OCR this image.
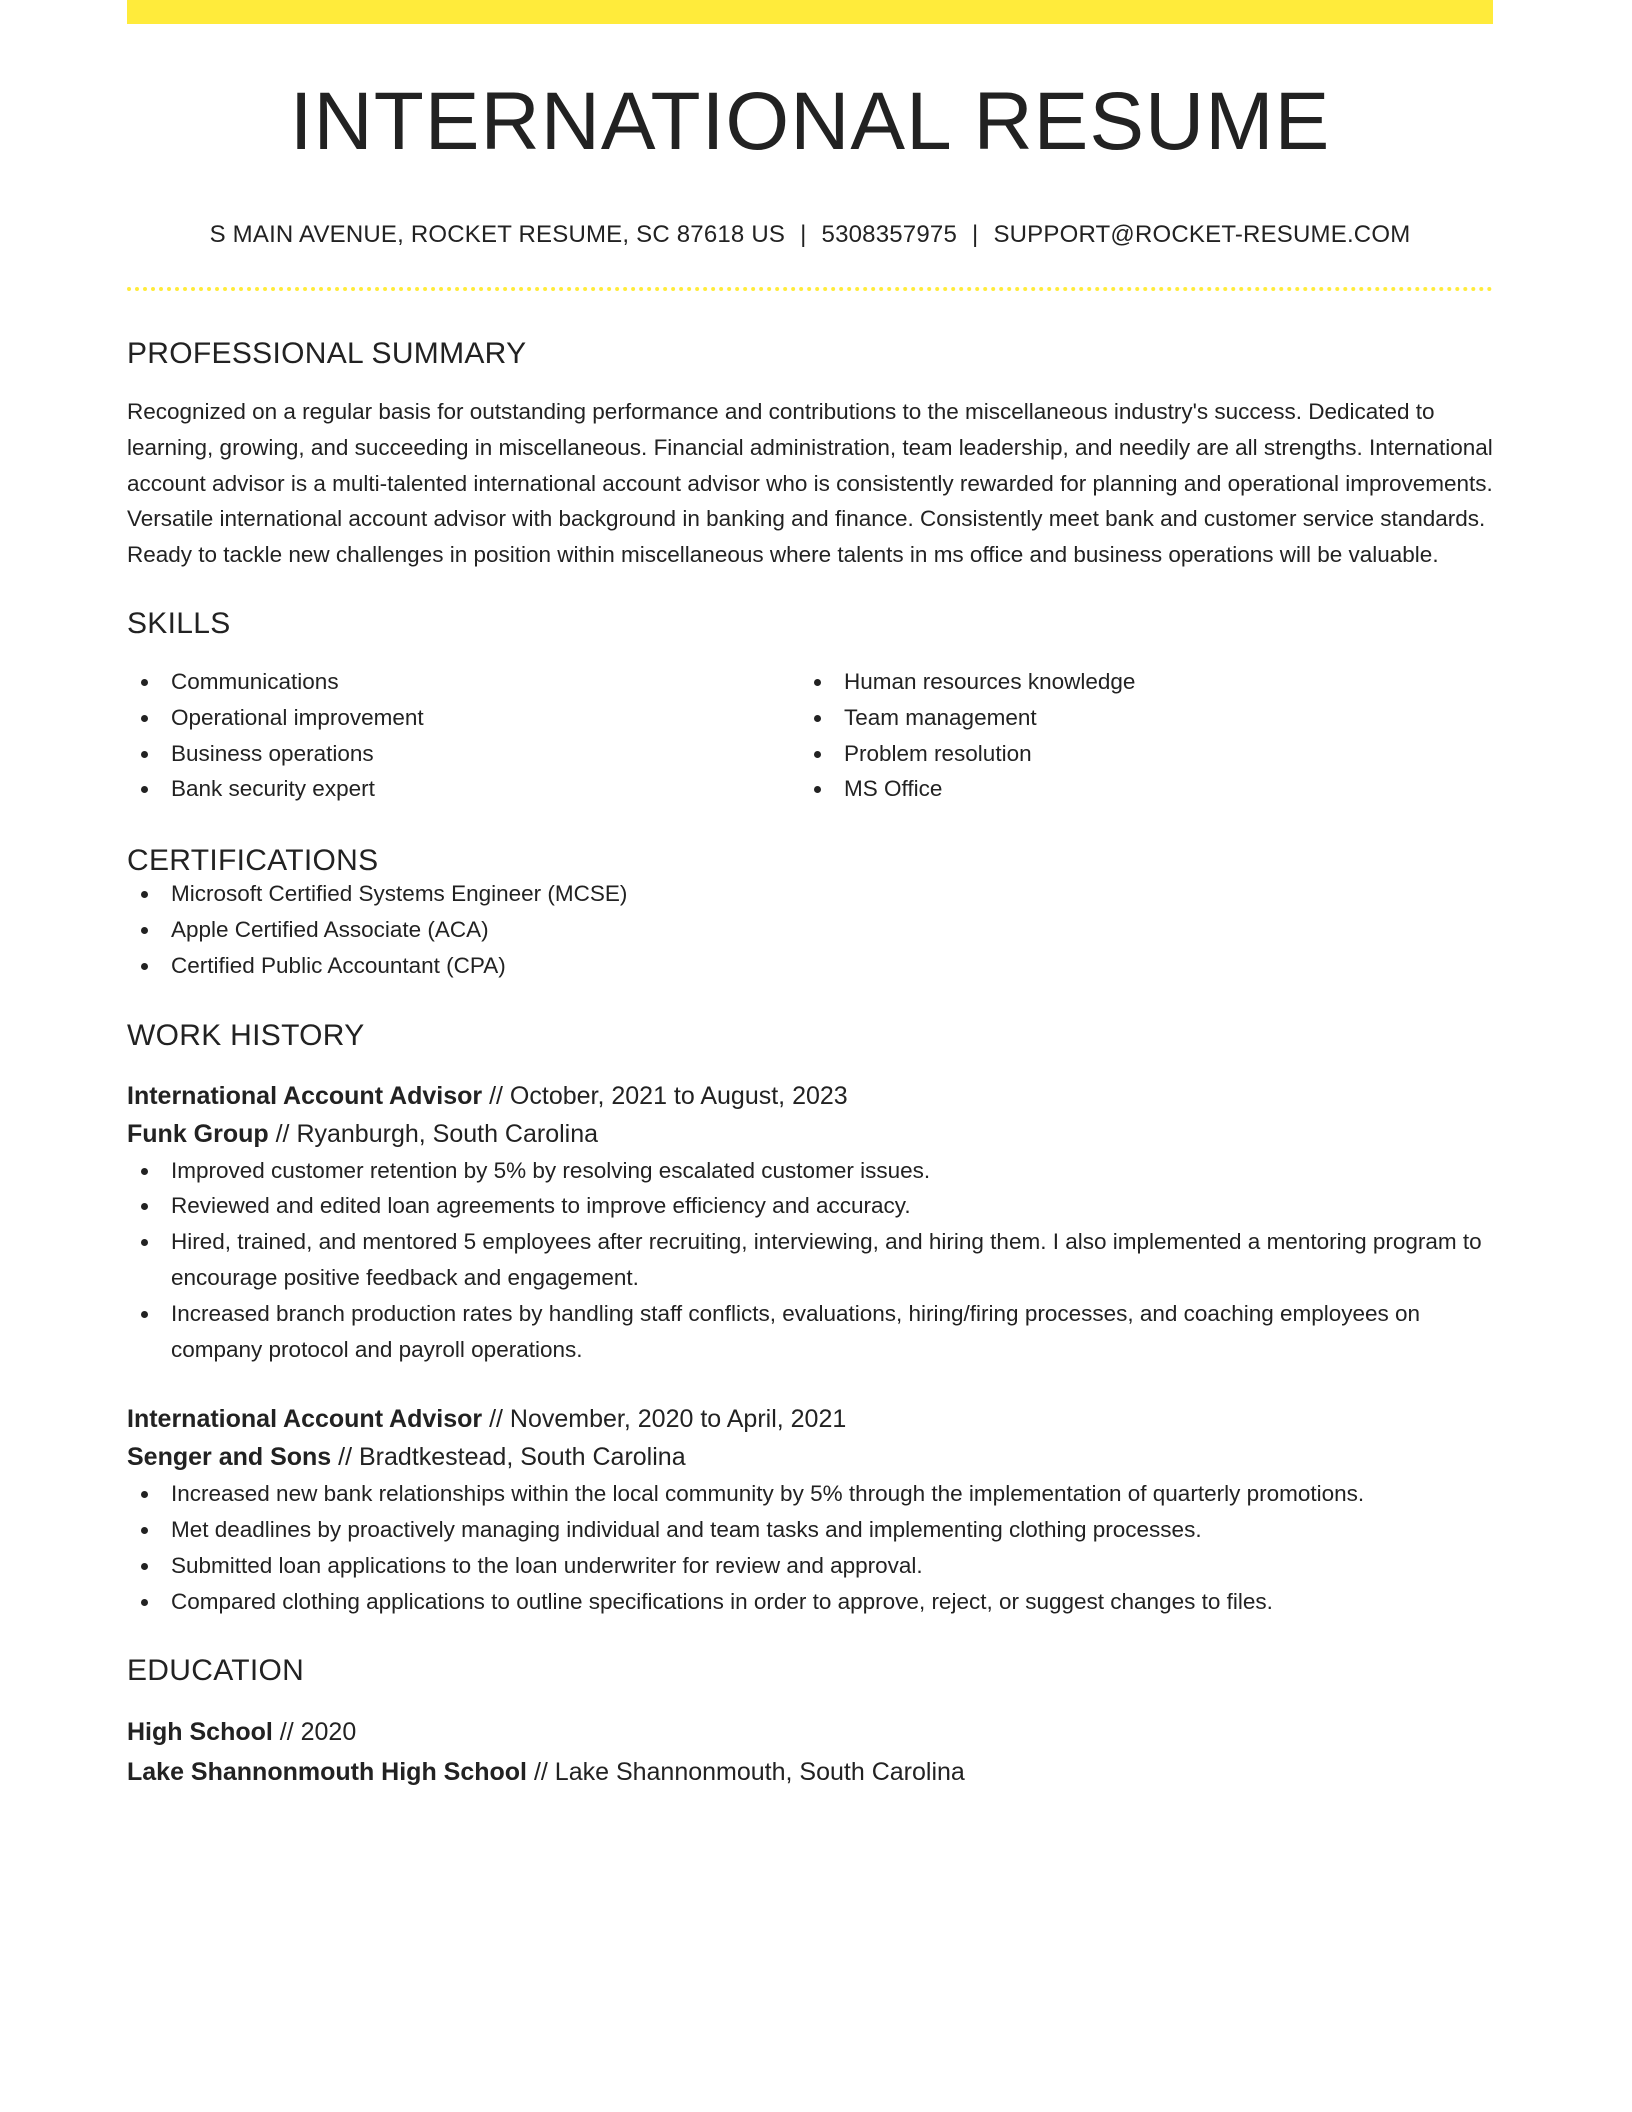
INTERNATIONAL RESUME
S MAIN AVENUE, ROCKET RESUME, SC 87618 US | 5308357975 | SUPPORT@ROCKET-RESUME.COM
PROFESSIONAL SUMMARY

Recognized on a regular basis for outstanding performance and contributions to the miscellaneous industry's success. Dedicated to learning, growing, and succeeding in miscellaneous. Financial administration, team leadership, and needily are all strengths. International account advisor is a multi-talented international account advisor who is consistently rewarded for planning and operational improvements. Versatile international account advisor with background in banking and finance. Consistently meet bank and customer service standards. Ready to tackle new challenges in position within miscellaneous where talents in ms office and business operations will be valuable.

SKILLS
Communications
Operational improvement
Business operations
Bank security expert
Human resources knowledge
Team management
Problem resolution
MS Office
CERTIFICATIONS
Microsoft Certified Systems Engineer (MCSE)
Apple Certified Associate (ACA)
Certified Public Accountant (CPA)
WORK HISTORY
International Account Advisor // October, 2021 to August, 2023
Funk Group // Ryanburgh, South Carolina
Improved customer retention by 5% by resolving escalated customer issues.
Reviewed and edited loan agreements to improve efficiency and accuracy.
Hired, trained, and mentored 5 employees after recruiting, interviewing, and hiring them. I also implemented a mentoring program to encourage positive feedback and engagement.
Increased branch production rates by handling staff conflicts, evaluations, hiring/firing processes, and coaching employees on company protocol and payroll operations.
International Account Advisor // November, 2020 to April, 2021
Senger and Sons // Bradtkestead, South Carolina
Increased new bank relationships within the local community by 5% through the implementation of quarterly promotions.
Met deadlines by proactively managing individual and team tasks and implementing clothing processes.
Submitted loan applications to the loan underwriter for review and approval.
Compared clothing applications to outline specifications in order to approve, reject, or suggest changes to files.
EDUCATION
High School // 2020
Lake Shannonmouth High School // Lake Shannonmouth, South Carolina
